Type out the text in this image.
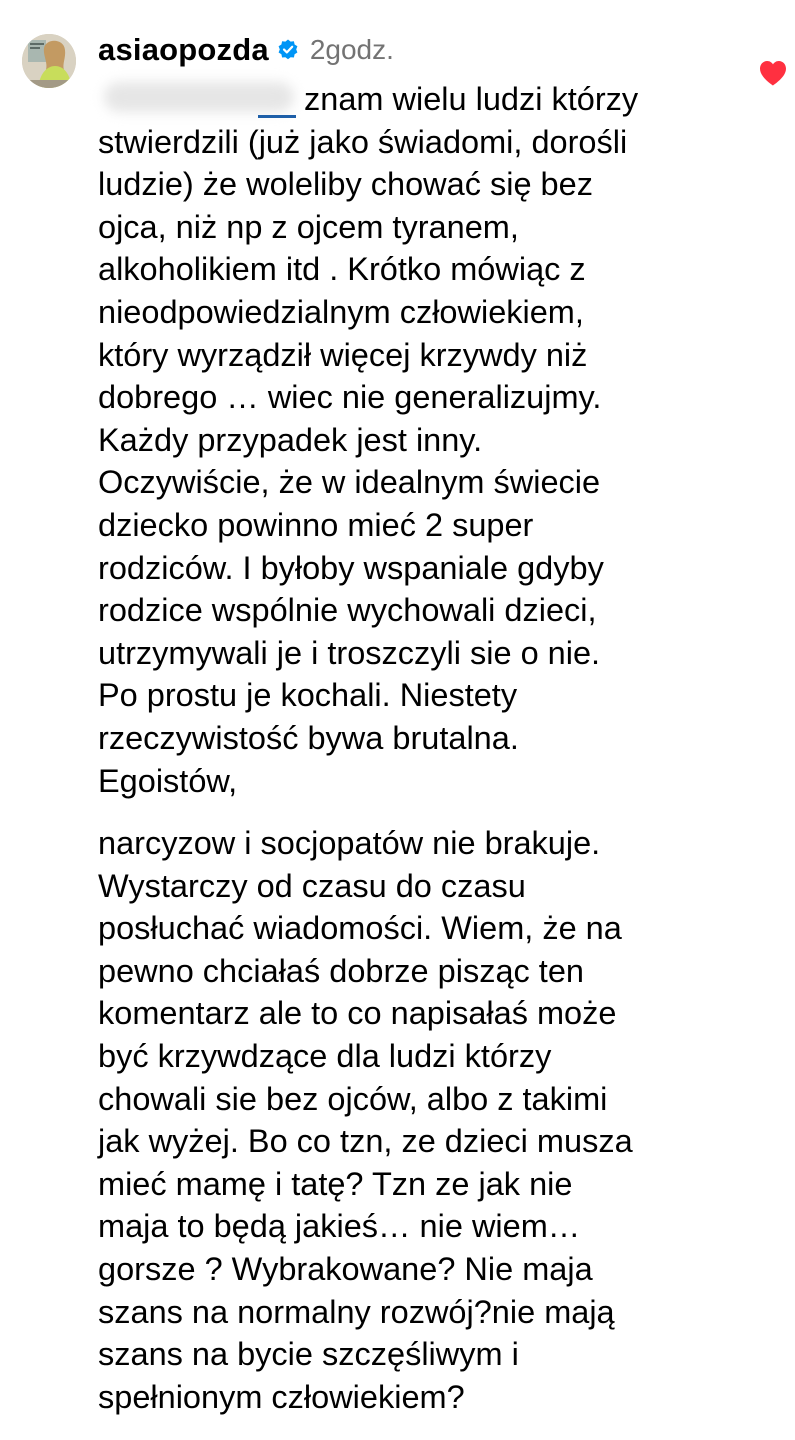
asiaopozda 2godz.
znam wielu ludzi którzy
stwierdzili (już jako świadomi, dorośli
ludzie) że woleliby chować się bez
ojca, niż np z ojcem tyranem,
alkoholikiem itd . Krótko mówiąc z
nieodpowiedzialnym człowiekiem,
który wyrządził więcej krzywdy niż
dobrego … wiec nie generalizujmy.
Każdy przypadek jest inny.
Oczywiście, że w idealnym świecie
dziecko powinno mieć 2 super
rodziców. I byłoby wspaniale gdyby
rodzice wspólnie wychowali dzieci,
utrzymywali je i troszczyli sie o nie.
Po prostu je kochali. Niestety
rzeczywistość bywa brutalna.
Egoistów,
narcyzow i socjopatów nie brakuje.
Wystarczy od czasu do czasu
posłuchać wiadomości. Wiem, że na
pewno chciałaś dobrze pisząc ten
komentarz ale to co napisałaś może
być krzywdzące dla ludzi którzy
chowali sie bez ojców, albo z takimi
jak wyżej. Bo co tzn, ze dzieci musza
mieć mamę i tatę? Tzn ze jak nie
maja to będą jakieś… nie wiem…
gorsze ? Wybrakowane? Nie maja
szans na normalny rozwój?nie mają
szans na bycie szczęśliwym i
spełnionym człowiekiem?
